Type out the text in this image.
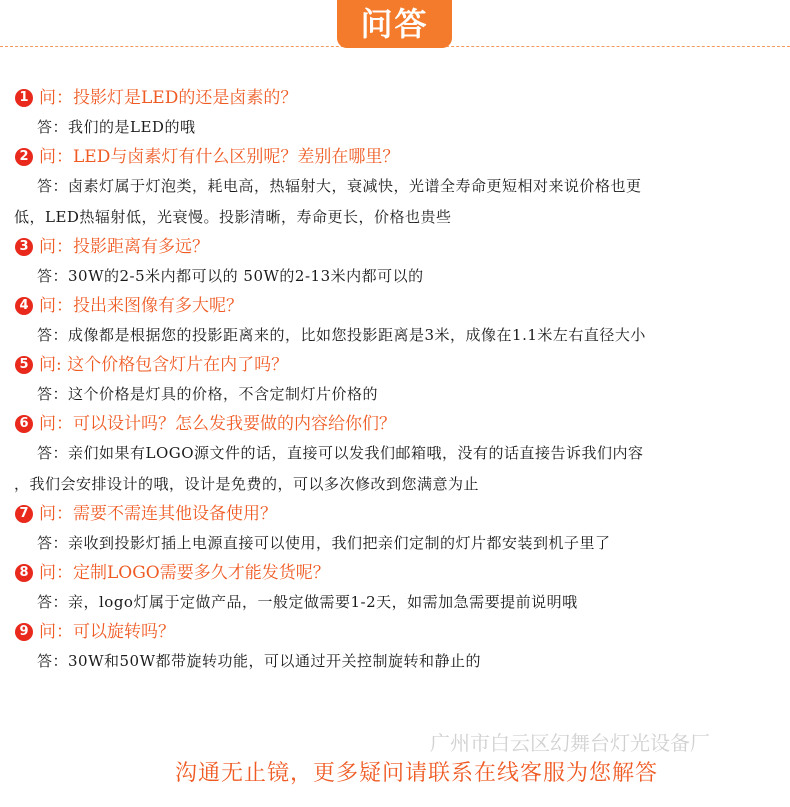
问答
1 问：投影灯是LED的还是卤素的？
答：我们的是LED的哦
2 问：LED与卤素灯有什么区别呢？差别在哪里？
答：卤素灯属于灯泡类，耗电高，热辐射大，衰减快，光谱全寿命更短相对来说价格也更
低，LED热辐射低，光衰慢。投影清晰，寿命更长，价格也贵些
3 问：投影距离有多远？
答：30W的2-5米内都可以的 50W的2-13米内都可以的
4 问：投出来图像有多大呢？
答：成像都是根据您的投影距离来的，比如您投影距离是3米，成像在1.1米左右直径大小
5 问: 这个价格包含灯片在内了吗？
答：这个价格是灯具的价格，不含定制灯片价格的
6 问：可以设计吗？怎么发我要做的内容给你们？
答：亲们如果有LOGO源文件的话，直接可以发我们邮箱哦，没有的话直接告诉我们内容
，我们会安排设计的哦，设计是免费的，可以多次修改到您满意为止
7 问：需要不需连其他设备使用？
答：亲收到投影灯插上电源直接可以使用，我们把亲们定制的灯片都安装到机子里了
8 问：定制LOGO需要多久才能发货呢？
答：亲，logo灯属于定做产品，一般定做需要1-2天，如需加急需要提前说明哦
9 问：可以旋转吗？
答：30W和50W都带旋转功能，可以通过开关控制旋转和静止的
广州市白云区幻舞台灯光设备厂
沟通无止镜，更多疑问请联系在线客服为您解答
